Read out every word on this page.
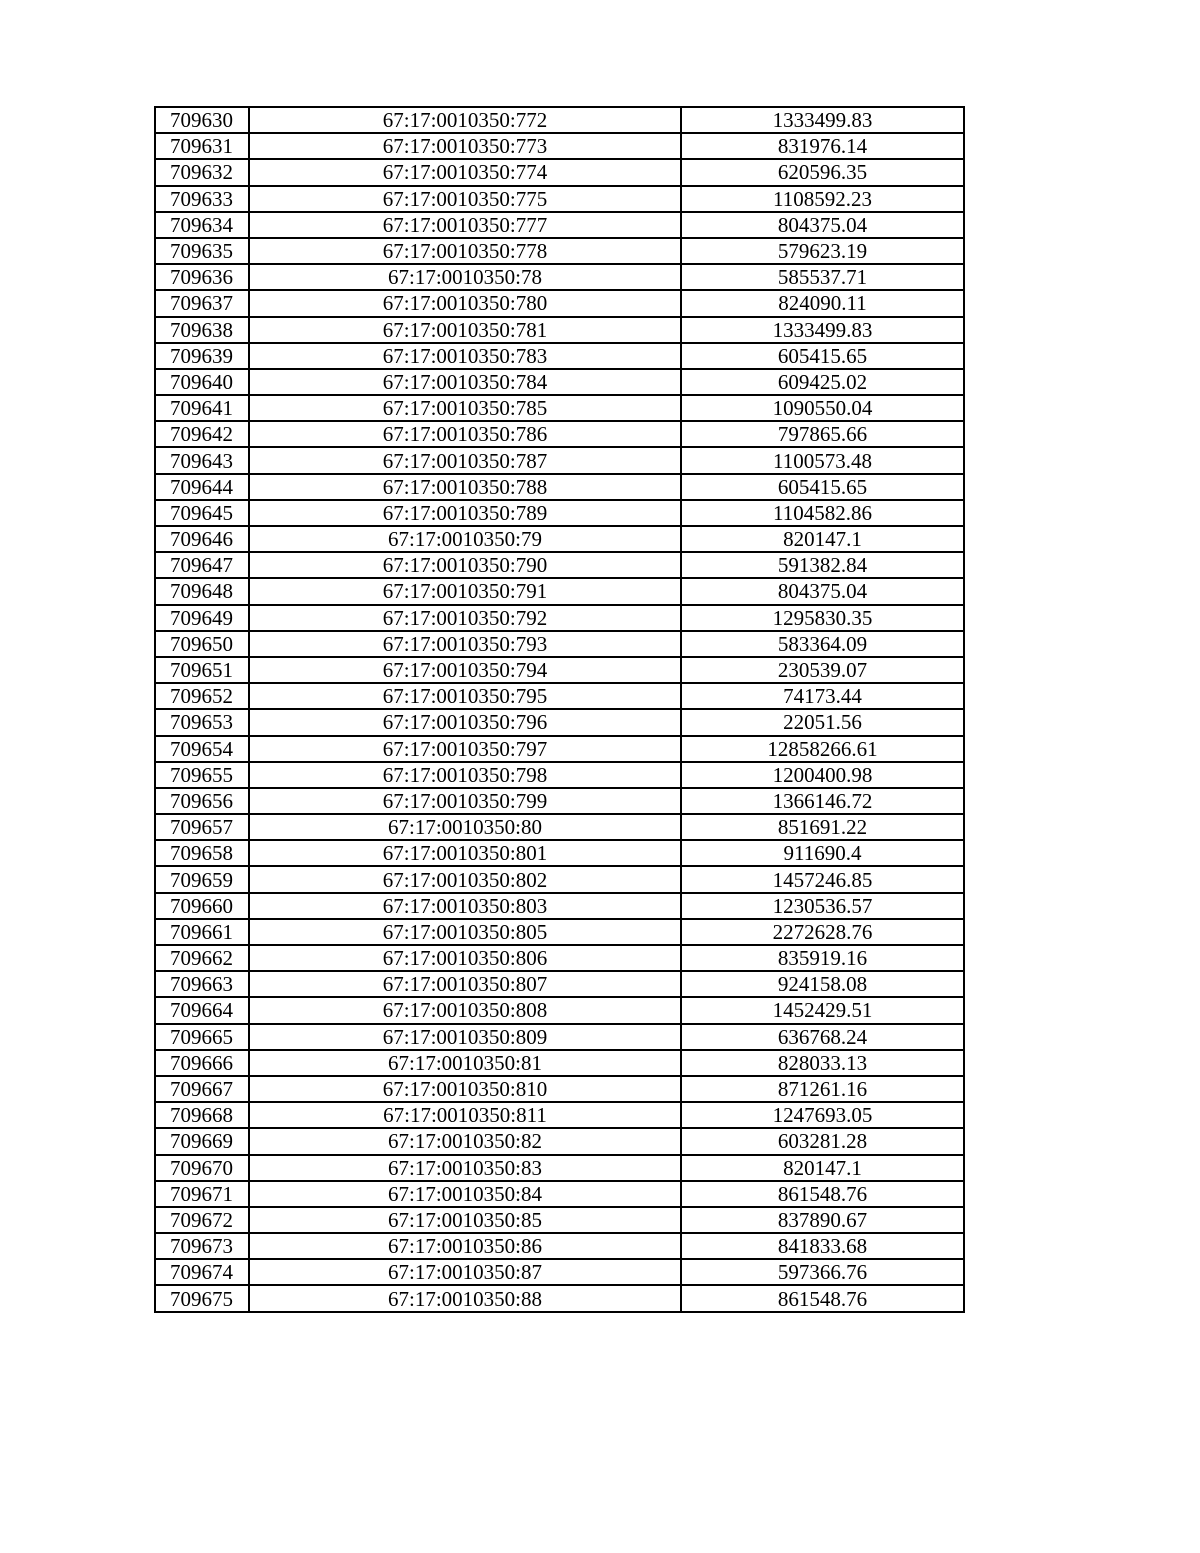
709630	67:17:0010350:772	1333499.83
709631	67:17:0010350:773	831976.14
709632	67:17:0010350:774	620596.35
709633	67:17:0010350:775	1108592.23
709634	67:17:0010350:777	804375.04
709635	67:17:0010350:778	579623.19
709636	67:17:0010350:78	585537.71
709637	67:17:0010350:780	824090.11
709638	67:17:0010350:781	1333499.83
709639	67:17:0010350:783	605415.65
709640	67:17:0010350:784	609425.02
709641	67:17:0010350:785	1090550.04
709642	67:17:0010350:786	797865.66
709643	67:17:0010350:787	1100573.48
709644	67:17:0010350:788	605415.65
709645	67:17:0010350:789	1104582.86
709646	67:17:0010350:79	820147.1
709647	67:17:0010350:790	591382.84
709648	67:17:0010350:791	804375.04
709649	67:17:0010350:792	1295830.35
709650	67:17:0010350:793	583364.09
709651	67:17:0010350:794	230539.07
709652	67:17:0010350:795	74173.44
709653	67:17:0010350:796	22051.56
709654	67:17:0010350:797	12858266.61
709655	67:17:0010350:798	1200400.98
709656	67:17:0010350:799	1366146.72
709657	67:17:0010350:80	851691.22
709658	67:17:0010350:801	911690.4
709659	67:17:0010350:802	1457246.85
709660	67:17:0010350:803	1230536.57
709661	67:17:0010350:805	2272628.76
709662	67:17:0010350:806	835919.16
709663	67:17:0010350:807	924158.08
709664	67:17:0010350:808	1452429.51
709665	67:17:0010350:809	636768.24
709666	67:17:0010350:81	828033.13
709667	67:17:0010350:810	871261.16
709668	67:17:0010350:811	1247693.05
709669	67:17:0010350:82	603281.28
709670	67:17:0010350:83	820147.1
709671	67:17:0010350:84	861548.76
709672	67:17:0010350:85	837890.67
709673	67:17:0010350:86	841833.68
709674	67:17:0010350:87	597366.76
709675	67:17:0010350:88	861548.76
